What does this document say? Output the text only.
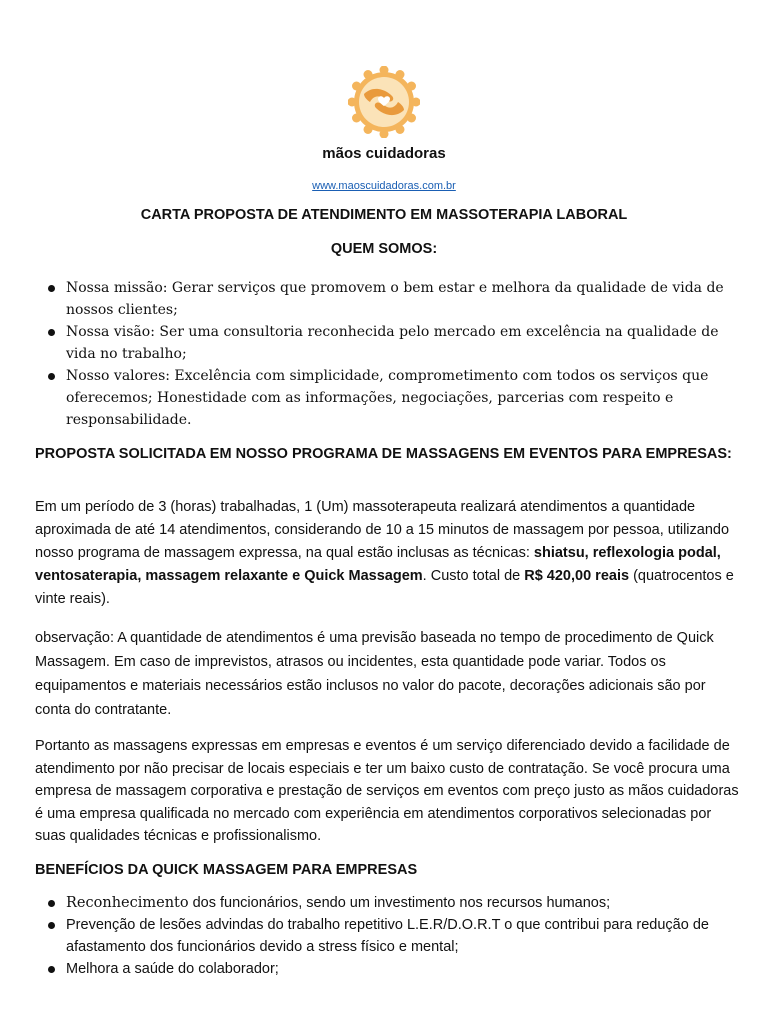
mãos cuidadoras
www.maoscuidadoras.com.br
CARTA PROPOSTA DE ATENDIMENTO EM MASSOTERAPIA LABORAL
QUEM SOMOS:
Nossa missão: Gerar serviços que promovem o bem estar e melhora da qualidade de vida de nossos clientes;
Nossa visão: Ser uma consultoria reconhecida pelo mercado em excelência na qualidade de vida no trabalho;
Nosso valores: Excelência com simplicidade, comprometimento com todos os serviços que oferecemos; Honestidade com as informações, negociações, parcerias com respeito e responsabilidade.
PROPOSTA SOLICITADA EM NOSSO PROGRAMA DE MASSAGENS EM EVENTOS PARA EMPRESAS:

Em um período de 3 (horas) trabalhadas, 1 (Um) massoterapeuta realizará atendimentos a quantidade aproximada de até 14 atendimentos, considerando de 10 a 15 minutos de massagem por pessoa, utilizando nosso programa de massagem expressa, na qual estão inclusas as técnicas: shiatsu, reflexologia podal, ventosaterapia, massagem relaxante e Quick Massagem. Custo total de R$ 420,00 reais (quatrocentos e vinte reais).

observação: A quantidade de atendimentos é uma previsão baseada no tempo de procedimento de Quick Massagem. Em caso de imprevistos, atrasos ou incidentes, esta quantidade pode variar. Todos os equipamentos e materiais necessários estão inclusos no valor do pacote, decorações adicionais são por conta do contratante.

Portanto as massagens expressas em empresas e eventos é um serviço diferenciado devido a facilidade de atendimento por não precisar de locais especiais e ter um baixo custo de contratação. Se você procura uma empresa de massagem corporativa e prestação de serviços em eventos com preço justo as mãos cuidadoras é uma empresa qualificada no mercado com experiência em atendimentos corporativos selecionadas por suas qualidades técnicas e profissionalismo.

BENEFÍCIOS DA QUICK MASSAGEM PARA EMPRESAS
Reconhecimento dos funcionários, sendo um investimento nos recursos humanos;
Prevenção de lesões advindas do trabalho repetitivo L.E.R/D.O.R.T o que contribui para redução de afastamento dos funcionários devido a stress físico e mental;
Melhora a saúde do colaborador;
